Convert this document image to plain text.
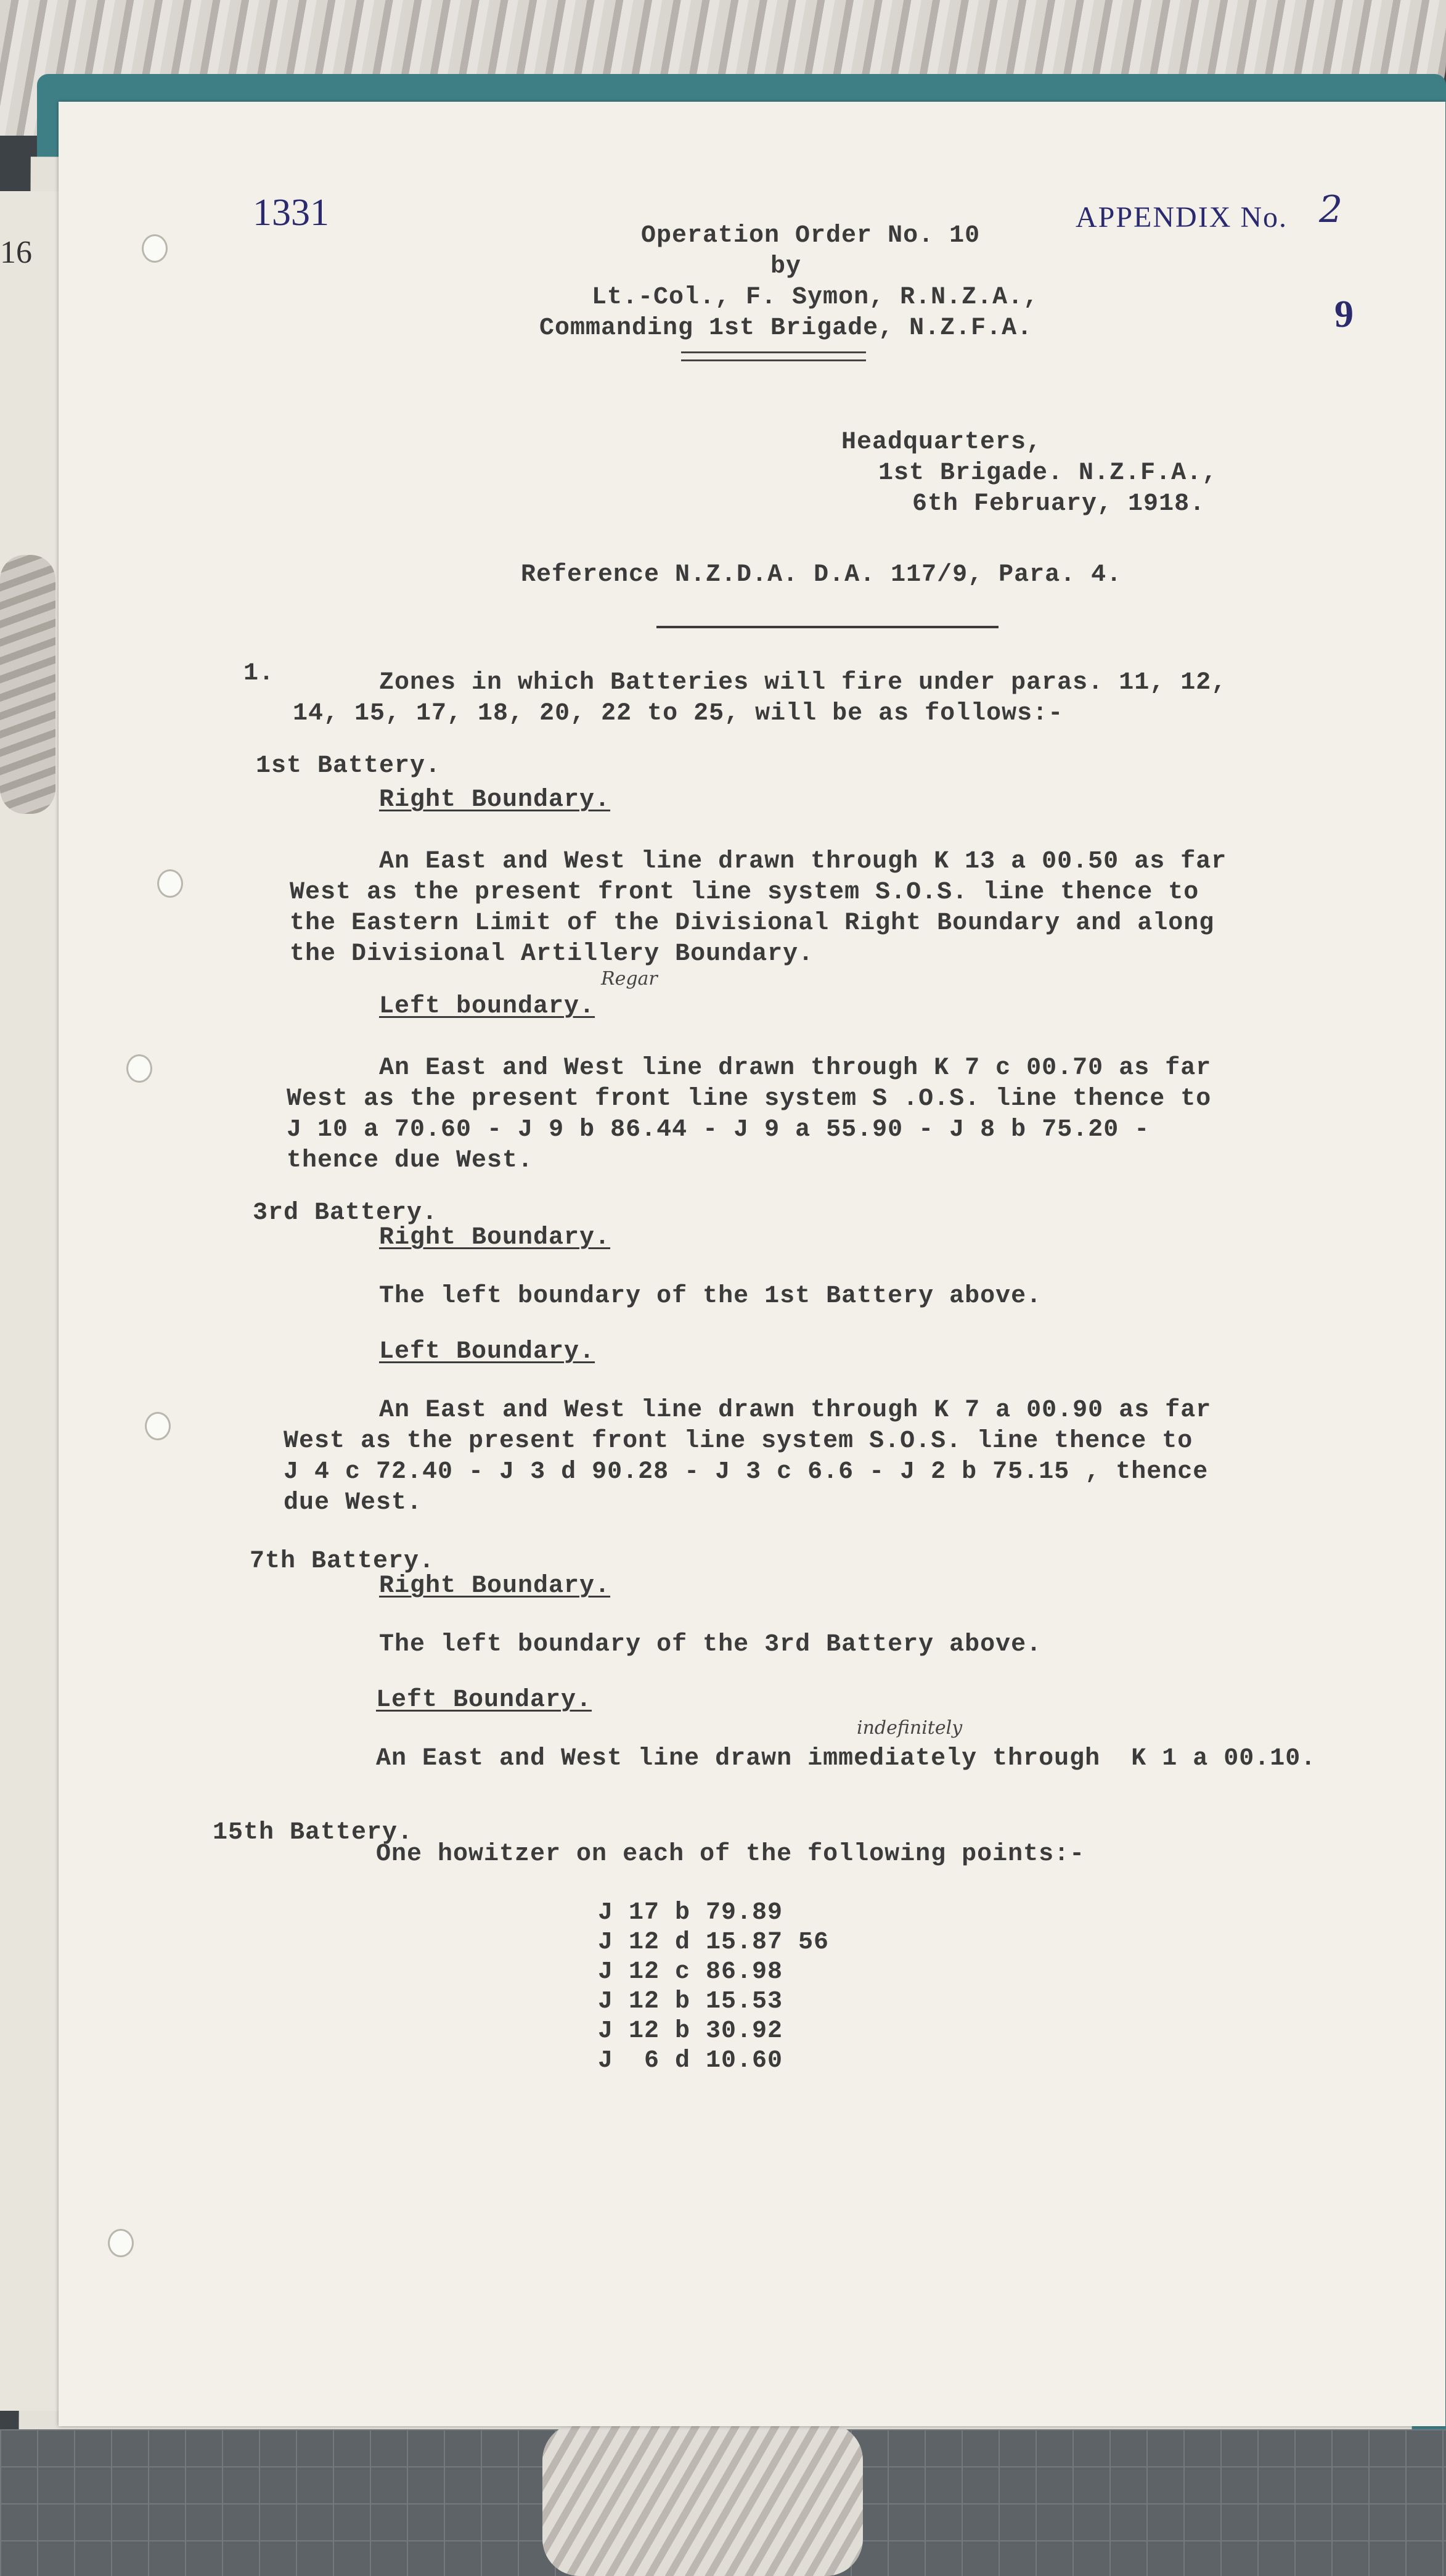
16
1331	APPENDIX No. 2
9
Operation Order No. 10
by
Lt.-Col., F. Symon, R.N.Z.A.,
Commanding 1st Brigade, N.Z.F.A.
Headquarters,
1st Brigade. N.Z.F.A.,
6th February, 1918.
Reference N.Z.D.A. D.A. 117/9, Para. 4.
1.	Zones in which Batteries will fire under paras. 11, 12,
14, 15, 17, 18, 20, 22 to 25, will be as follows:-
1st Battery.
Right Boundary.
An East and West line drawn through K 13 a 00.50 as far
West as the present front line system S.O.S. line thence to
the Eastern Limit of the Divisional Right Boundary and along
the Divisional Artillery Boundary.
Regar
Left boundary.
An East and West line drawn through K 7 c 00.70 as far
West as the present front line system S .O.S. line thence to
J 10 a 70.60 - J 9 b 86.44 - J 9 a 55.90 - J 8 b 75.20 -
thence due West.
3rd Battery.
Right Boundary.
The left boundary of the 1st Battery above.
Left Boundary.
An East and West line drawn through K 7 a 00.90 as far
West as the present front line system S.O.S. line thence to
J 4 c 72.40 - J 3 d 90.28 - J 3 c 6.6 - J 2 b 75.15 , thence
due West.
7th Battery.
Right Boundary.
The left boundary of the 3rd Battery above.
Left Boundary.
indefinitely
An East and West line drawn immediately through  K 1 a 00.10.
15th Battery.
One howitzer on each of the following points:-
J 17 b 79.89
J 12 d 15.87 56
J 12 c 86.98
J 12 b 15.53
J 12 b 30.92
J  6 d 10.60
